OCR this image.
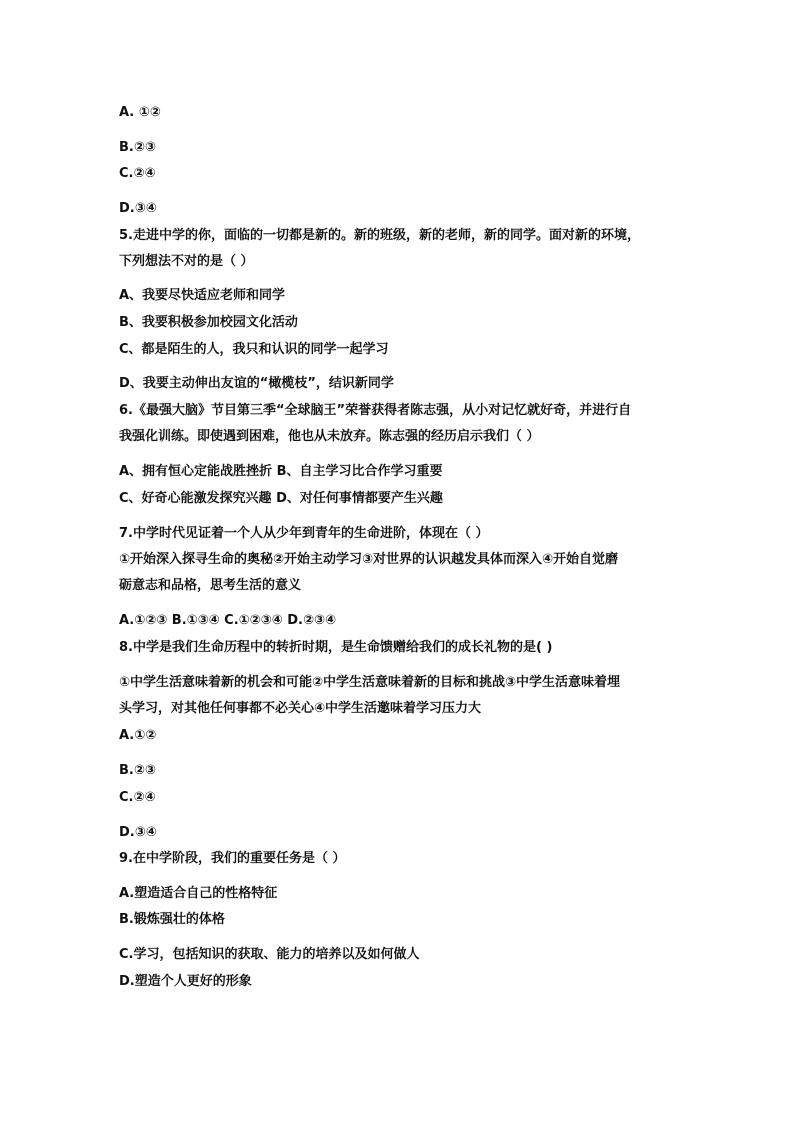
A. ①②
B.②③
C.②④
D.③④
5.走进中学的你，面临的一切都是新的。新的班级，新的老师，新的同学。面对新的环境，
下列想法不对的是（ ）
A、我要尽快适应老师和同学
B、我要积极参加校园文化活动
C、都是陌生的人，我只和认识的同学一起学习
D、我要主动伸出友谊的“橄榄枝”，结识新同学
6.《最强大脑》节目第三季“全球脑王”荣誉获得者陈志强，从小对记忆就好奇，并进行自
我强化训练。即使遇到困难，他也从未放弃。陈志强的经历启示我们（ ）
A、拥有恒心定能战胜挫折 B、自主学习比合作学习重要
C、好奇心能激发探究兴趣 D、对任何事情都要产生兴趣
7.中学时代见证着一个人从少年到青年的生命进阶，体现在（ ）
①开始深入探寻生命的奥秘②开始主动学习③对世界的认识越发具体而深入④开始自觉磨
砺意志和品格，思考生活的意义
A.①②③ B.①③④ C.①②③④ D.②③④
8.中学是我们生命历程中的转折时期，是生命馈赠给我们的成长礼物的是( )
①中学生活意味着新的机会和可能②中学生活意味着新的目标和挑战③中学生活意味着埋
头学习，对其他任何事都不必关心④中学生活邀味着学习压力大
A.①②
B.②③
C.②④
D.③④
9.在中学阶段，我们的重要任务是（ ）
A.塑造适合自己的性格特征
B.锻炼强壮的体格
C.学习，包括知识的获取、能力的培养以及如何做人
D.塑造个人更好的形象
